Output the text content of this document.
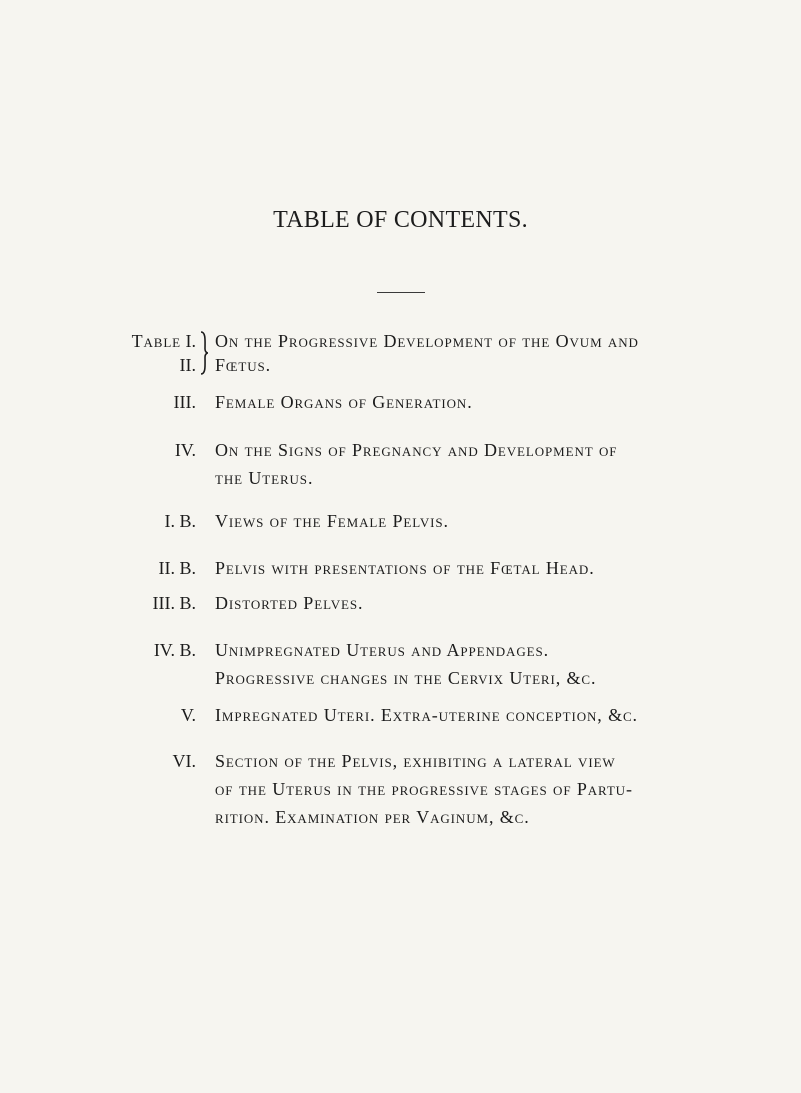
TABLE OF CONTENTS.
Table I.
II.
On the Progressive Development of the Ovum and
Fœtus.
III. Female Organs of Generation.
IV. On the Signs of Pregnancy and Development of
the Uterus.
I. B. Views of the Female Pelvis.
II. B. Pelvis with presentations of the Fœtal Head.
III. B. Distorted Pelves.
IV. B. Unimpregnated Uterus and Appendages.
Progressive changes in the Cervix Uteri, &c.
V. Impregnated Uteri. Extra-uterine conception, &c.
VI. Section of the Pelvis, exhibiting a lateral view
of the Uterus in the progressive stages of Partu-
rition. Examination per Vaginum, &c.
